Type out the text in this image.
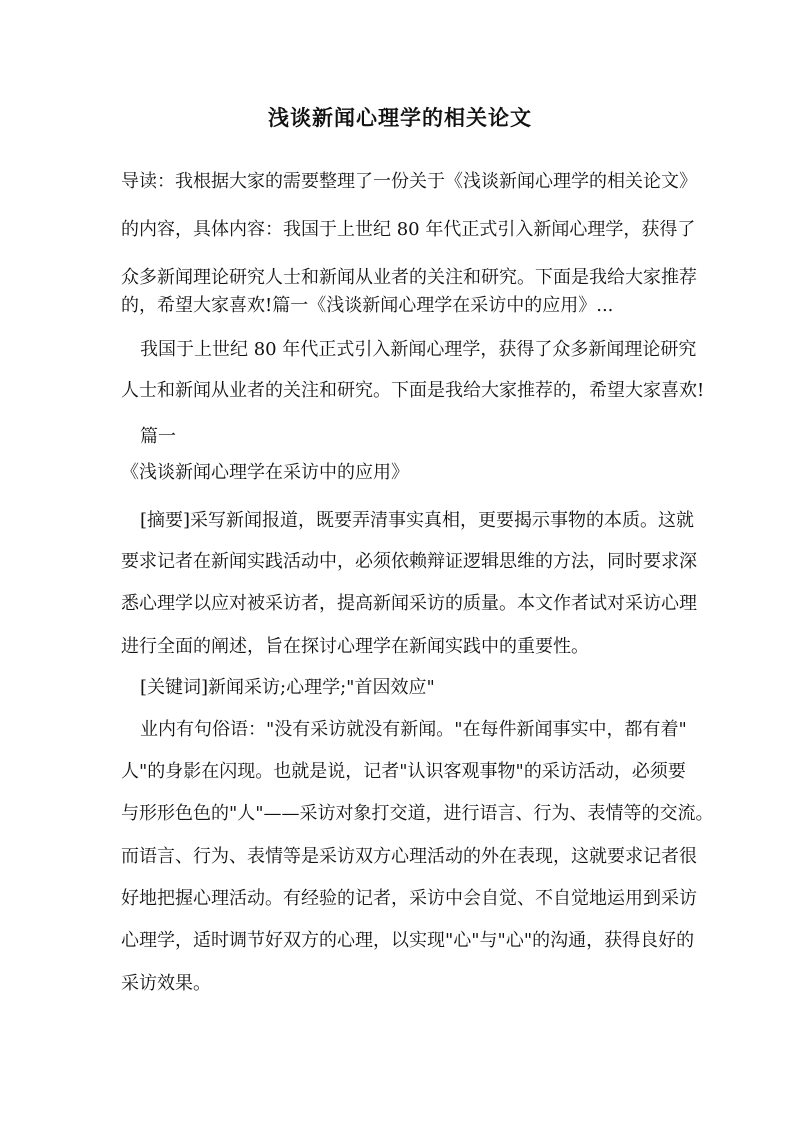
浅谈新闻心理学的相关论文
导读：我根据大家的需要整理了一份关于《浅谈新闻心理学的相关论文》
的内容，具体内容：我国于上世纪 80 年代正式引入新闻心理学，获得了
众多新闻理论研究人士和新闻从业者的关注和研究。下面是我给大家推荐
的，希望大家喜欢!篇一《浅谈新闻心理学在采访中的应用》...
我国于上世纪 80 年代正式引入新闻心理学，获得了众多新闻理论研究
人士和新闻从业者的关注和研究。下面是我给大家推荐的，希望大家喜欢!
篇一
《浅谈新闻心理学在采访中的应用》
[摘要]采写新闻报道，既要弄清事实真相，更要揭示事物的本质。这就
要求记者在新闻实践活动中，必须依赖辩证逻辑思维的方法，同时要求深
悉心理学以应对被采访者，提高新闻采访的质量。本文作者试对采访心理
进行全面的阐述，旨在探讨心理学在新闻实践中的重要性。
[关键词]新闻采访;心理学;"首因效应"
业内有句俗语："没有采访就没有新闻。"在每件新闻事实中，都有着"
人"的身影在闪现。也就是说，记者"认识客观事物"的采访活动，必须要
与形形色色的"人"——采访对象打交道，进行语言、行为、表情等的交流。
而语言、行为、表情等是采访双方心理活动的外在表现，这就要求记者很
好地把握心理活动。有经验的记者，采访中会自觉、不自觉地运用到采访
心理学，适时调节好双方的心理，以实现"心"与"心"的沟通，获得良好的
采访效果。
